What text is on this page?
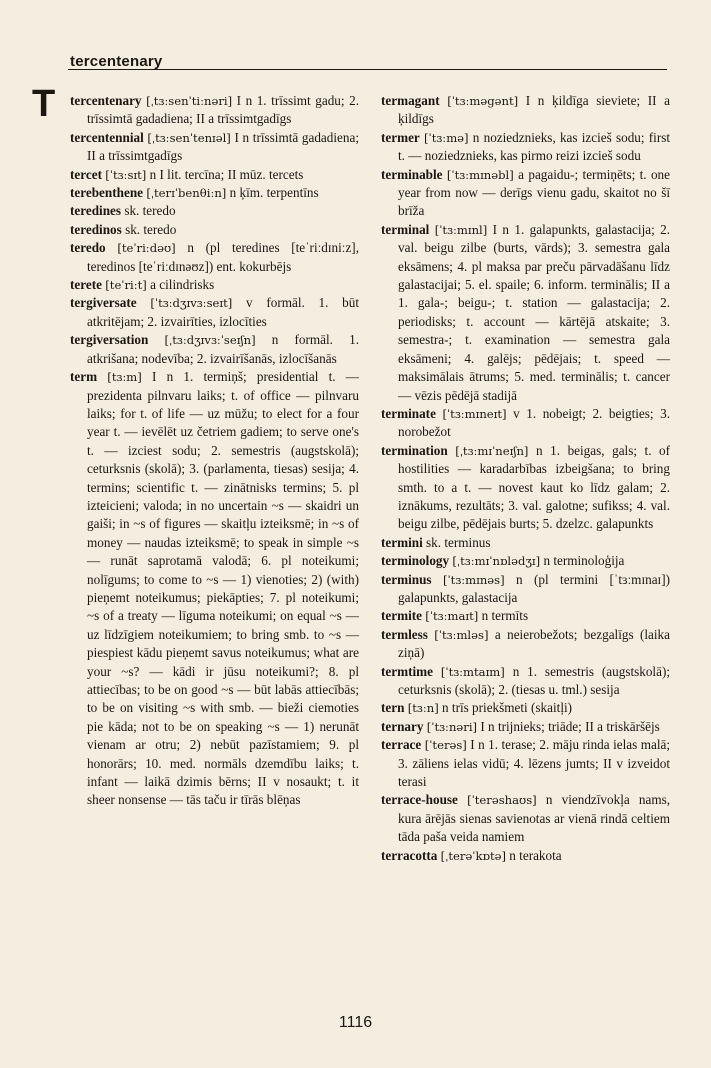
tercentenary
T tercentenary [ˌtɜːsenˈtiːnəri] I n 1. trīssimt gadu; 2. trīssimtā gadadiena; II a trīssimtgadīgs

tercentennial [ˌtɜːsenˈtenɪəl] I n trīssimtā gadadiena; II a trīssimtgadīgs

tercet [ˈtɜːsɪt] n I lit. tercīna; II mūz. tercets

terebenthene [ˌterɪˈbenθiːn] n ķīm. terpentīns

teredines sk. teredo

teredinos sk. teredo

teredo [teˈriːdəʊ] n (pl teredines [teˈriːdɪniːz], teredinos [teˈriːdɪnəʊz]) ent. kokurbējs

terete [teˈriːt] a cilindrisks

tergiversate [ˈtɜːdʒɪvɜːseɪt] v formāl. 1. būt atkritējam; 2. izvairīties, izlocīties

tergiversation [ˌtɜːdʒɪvɜːˈseɪʃn] n formāl. 1. atkrišana; nodevība; 2. izvairīšanās, izlocīšanās

term [tɜːm] I n 1. termiņš; presidential t. — prezidenta pilnvaru laiks; t. of office — pilnvaru laiks; for t. of life — uz mūžu; to elect for a four year t. — ievēlēt uz četriem gadiem; to serve one's t. — izciest sodu; 2. semestris (augstskolā); ceturksnis (skolā); 3. (parlamenta, tiesas) sesija; 4. termins; scientific t. — zinātnisks termins; 5. pl izteicieni; valoda; in no uncertain ~s — skaidri un gaiši; in ~s of figures — skaitļu izteiksmē; in ~s of money — naudas izteiksmē; to speak in simple ~s — runāt saprotamā valodā; 6. pl noteikumi; nolīgums; to come to ~s — 1) vienoties; 2) (with) pieņemt noteikumus; piekāpties; 7. pl noteikumi; ~s of a treaty — līguma noteikumi; on equal ~s — uz līdzīgiem noteikumiem; to bring smb. to ~s — piespiest kādu pieņemt savus noteikumus; what are your ~s? — kādi ir jūsu noteikumi?; 8. pl attiecības; to be on good ~s — būt labās attiecībās; to be on visiting ~s with smb. — bieži ciemoties pie kāda; not to be on speaking ~s — 1) nerunāt vienam ar otru; 2) nebūt pazīstamiem; 9. pl honorārs; 10. med. normāls dzemdību laiks; t. infant — laikā dzimis bērns; II v nosaukt; t. it sheer nonsense — tās taču ir tīrās blēņas

termagant [ˈtɜːməgənt] I n ķildīga sieviete; II a ķildīgs

termer [ˈtɜːmə] n noziedznieks, kas izcieš sodu; first t. — noziedznieks, kas pirmo reizi izcieš sodu

terminable [ˈtɜːmɪnəbl] a pagaidu-; termiņēts; t. one year from now — derīgs vienu gadu, skaitot no šī brīža

terminal [ˈtɜːmɪnl] I n 1. galapunkts, galastacija; 2. val. beigu zilbe (burts, vārds); 3. semestra gala eksāmens; 4. pl maksa par preču pārvadāšanu līdz galastacijai; 5. el. spaile; 6. inform. terminālis; II a 1. gala-; beigu-; t. station — galastacija; 2. periodisks; t. account — kārtējā atskaite; 3. semestra-; t. examination — semestra gala eksāmeni; 4. galējs; pēdējais; t. speed — maksimālais ātrums; 5. med. terminālis; t. cancer — vēzis pēdējā stadijā

terminate [ˈtɜːmɪneɪt] v 1. nobeigt; 2. beigties; 3. norobežot

termination [ˌtɜːmɪˈneɪʃn] n 1. beigas, gals; t. of hostilities — karadarbības izbeigšana; to bring smth. to a t. — novest kaut ko līdz galam; 2. iznākums, rezultāts; 3. val. galotne; sufikss; 4. val. beigu zilbe, pēdējais burts; 5. dzelzc. galapunkts

termini sk. terminus

terminology [ˌtɜːmɪˈnɒlədʒɪ] n terminoloģija

terminus [ˈtɜːmɪnəs] n (pl termini [ˈtɜːmɪnaɪ]) galapunkts, galastacija

termite [ˈtɜːmaɪt] n termīts

termless [ˈtɜːmləs] a neierobežots; bezgalīgs (laika ziņā)

termtime [ˈtɜːmtaɪm] n 1. semestris (augstskolā); ceturksnis (skolā); 2. (tiesas u. tml.) sesija

tern [tɜːn] n trīs priekšmeti (skaitļi)

ternary [ˈtɜːnəri] I n trijnieks; triāde; II a triskāršējs

terrace [ˈterəs] I n 1. terase; 2. māju rinda ielas malā; 3. zāliens ielas vidū; 4. lēzens jumts; II v izveidot terasi

terrace-house [ˈterəshaʊs] n viendzīvokļa nams, kura ārējās sienas savienotas ar vienā rindā celtiem tāda paša veida namiem

terracotta [ˌterəˈkɒtə] n terakota

1116
